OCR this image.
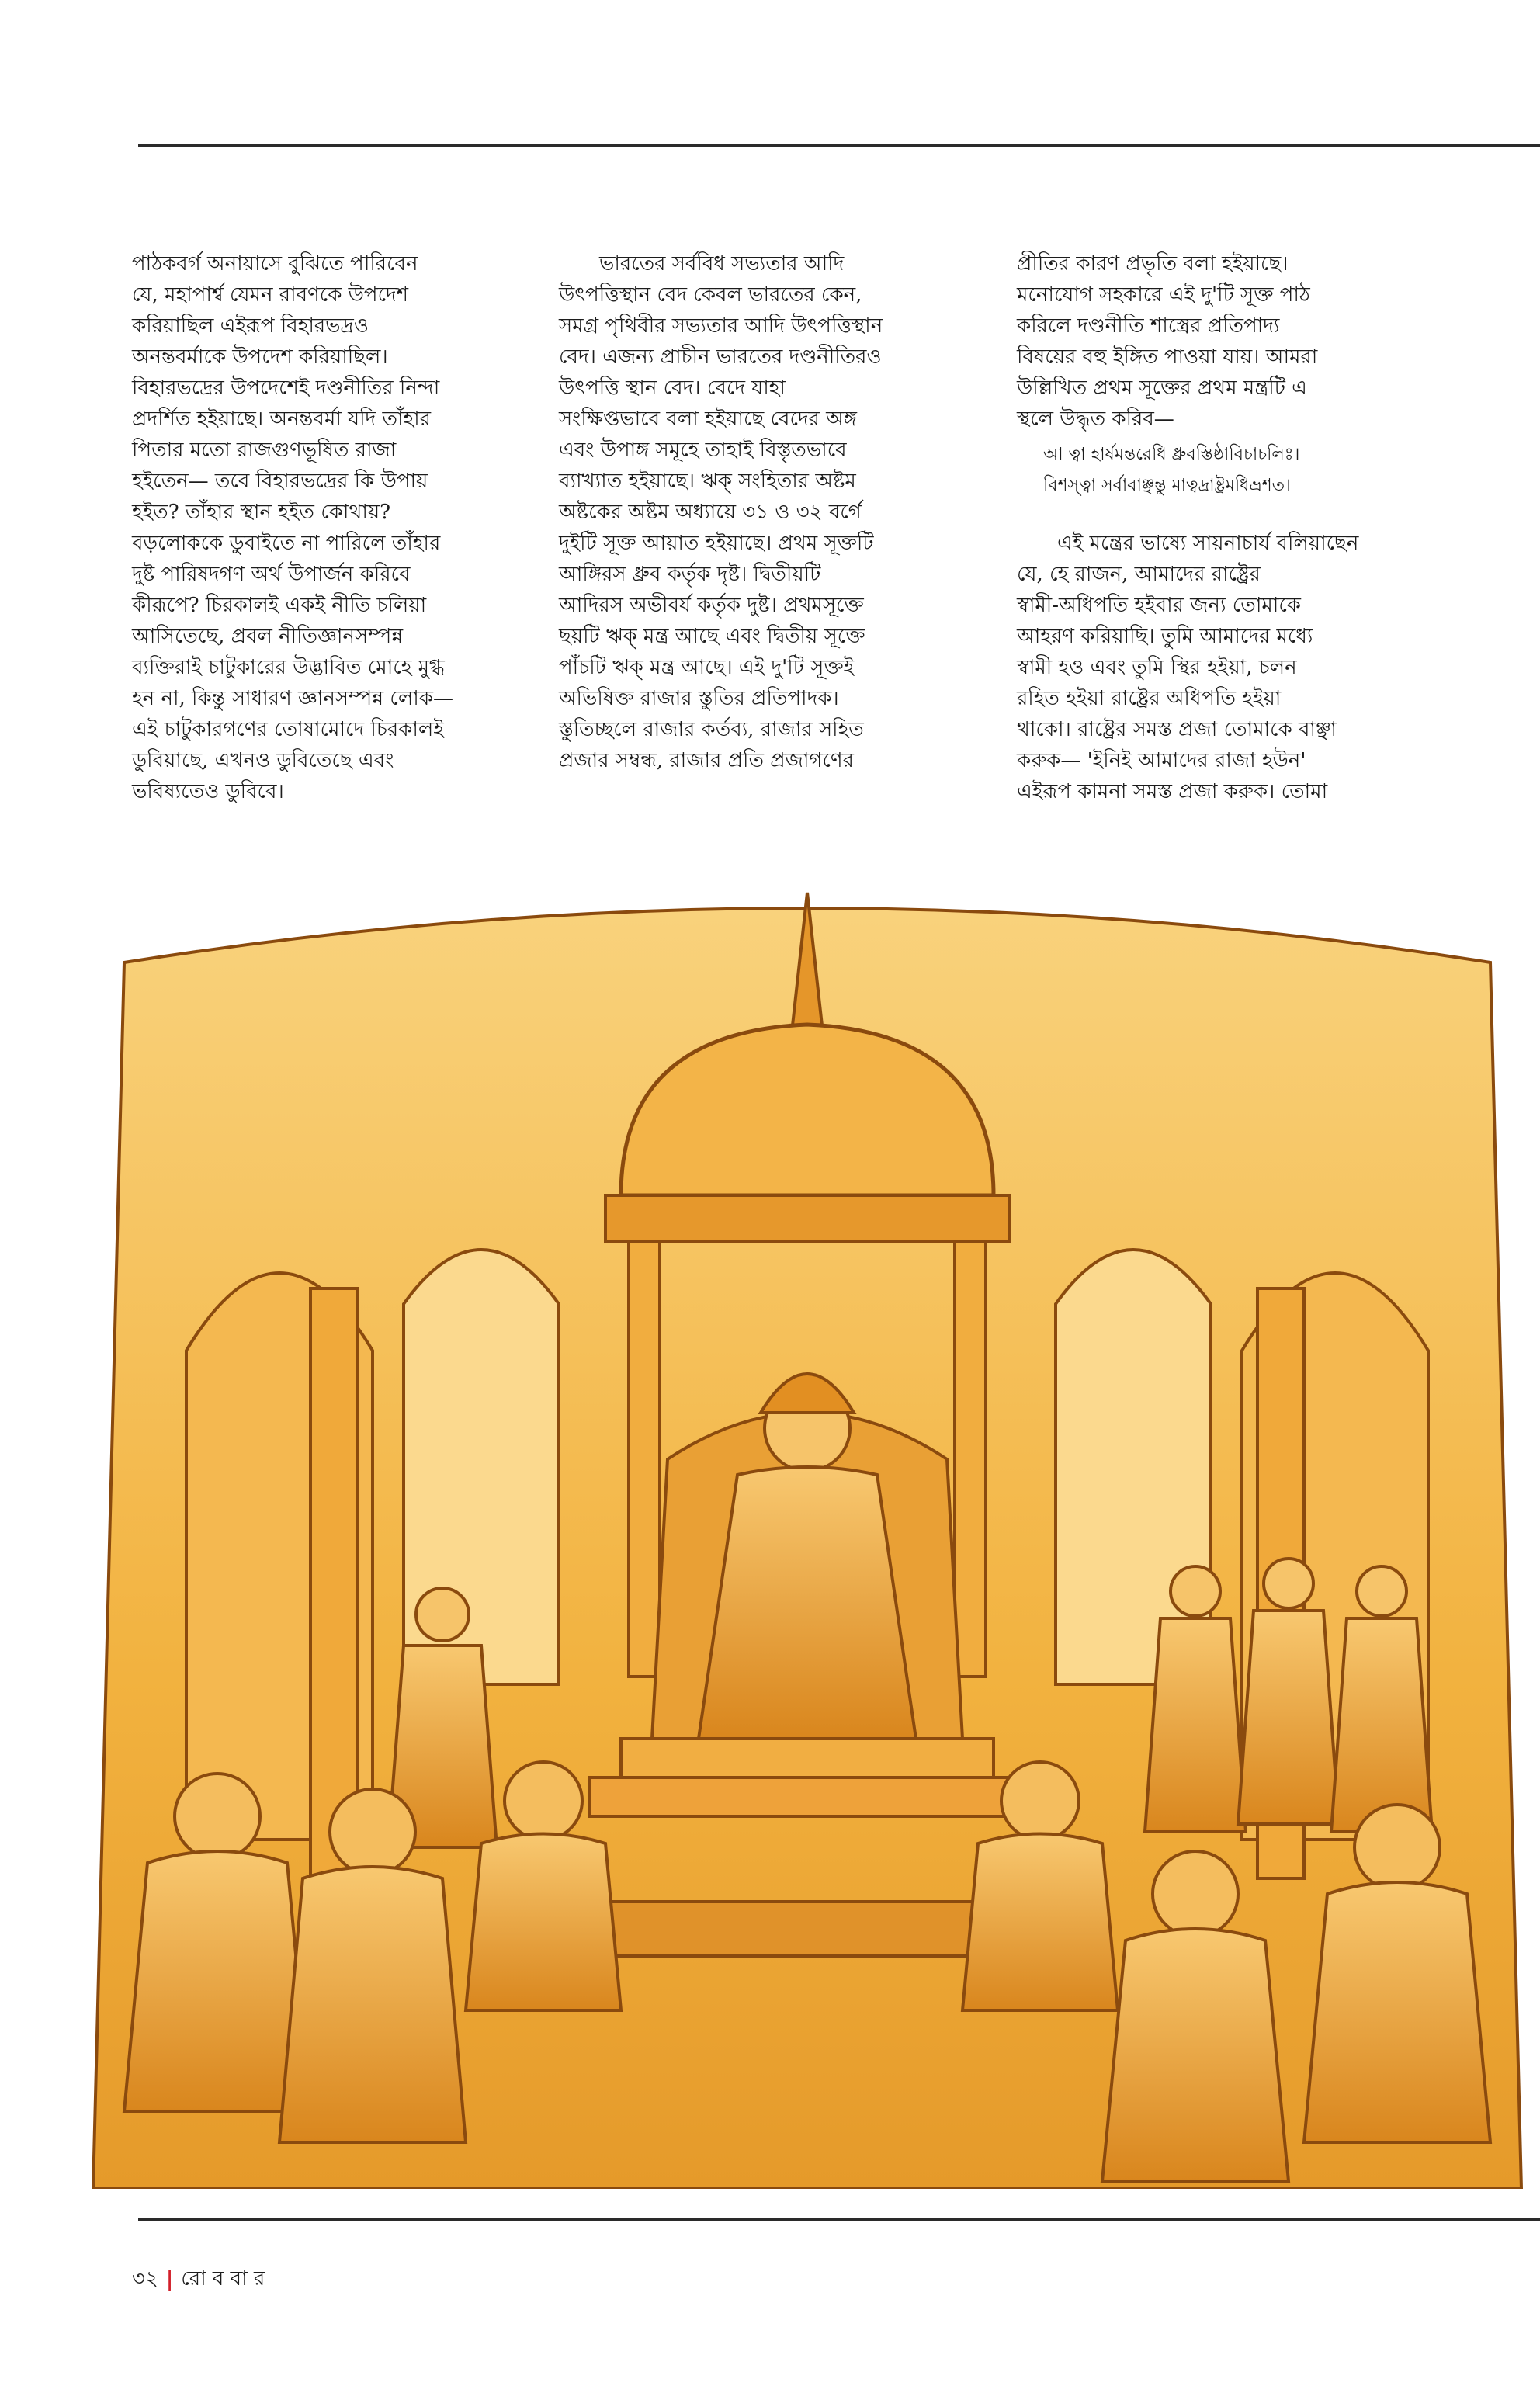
পাঠকবর্গ অনায়াসে বুঝিতে পারিবেন
যে, মহাপার্শ্ব যেমন রাবণকে উপদেশ
করিয়াছিল এইরূপ বিহারভদ্রও
অনন্তবর্মাকে উপদেশ করিয়াছিল।
বিহারভদ্রের উপদেশেই দণ্ডনীতির নিন্দা
প্রদর্শিত হইয়াছে। অনন্তবর্মা যদি তাঁহার
পিতার মতো রাজগুণভূষিত রাজা
হইতেন— তবে বিহারভদ্রের কি উপায়
হইত? তাঁহার স্থান হইত কোথায়?
বড়লোককে ডুবাইতে না পারিলে তাঁহার
দুষ্ট পারিষদগণ অর্থ উপার্জন করিবে
কীরূপে? চিরকালই একই নীতি চলিয়া
আসিতেছে, প্রবল নীতিজ্ঞানসম্পন্ন
ব্যক্তিরাই চাটুকারের উদ্ভাবিত মোহে মুগ্ধ
হন না, কিন্তু সাধারণ জ্ঞানসম্পন্ন লোক—
এই চাটুকারগণের তোষামোদে চিরকালই
ডুবিয়াছে, এখনও ডুবিতেছে এবং
ভবিষ্যতেও ডুবিবে।

ভারতের সর্ববিধ সভ্যতার আদি
উৎপত্তিস্থান বেদ কেবল ভারতের কেন,
সমগ্র পৃথিবীর সভ্যতার আদি উৎপত্তিস্থান
বেদ। এজন্য প্রাচীন ভারতের দণ্ডনীতিরও
উৎপত্তি স্থান বেদ। বেদে যাহা
সংক্ষিপ্তভাবে বলা হইয়াছে বেদের অঙ্গ
এবং উপাঙ্গ সমূহে তাহাই বিস্তৃতভাবে
ব্যাখ্যাত হইয়াছে। ঋক্ সংহিতার অষ্টম
অষ্টকের অষ্টম অধ্যায়ে ৩১ ও ৩২ বর্গে
দুইটি সূক্ত আয়াত হইয়াছে। প্রথম সূক্তটি
আঙ্গিরস ধ্রুব কর্তৃক দৃষ্ট। দ্বিতীয়টি
আদিরস অভীবর্য কর্তৃক দুষ্ট। প্রথমসূক্তে
ছয়টি ঋক্ মন্ত্র আছে এবং দ্বিতীয় সূক্তে
পাঁচটি ঋক্ মন্ত্র আছে। এই দু'টি সূক্তই
অভিষিক্ত রাজার স্তুতির প্রতিপাদক।
স্তুতিচ্ছলে রাজার কর্তব্য, রাজার সহিত
প্রজার সম্বন্ধ, রাজার প্রতি প্রজাগণের

প্রীতির কারণ প্রভৃতি বলা হইয়াছে।
মনোযোগ সহকারে এই দু'টি সূক্ত পাঠ
করিলে দণ্ডনীতি শাস্ত্রের প্রতিপাদ্য
বিষয়ের বহু ইঙ্গিত পাওয়া যায়। আমরা
উল্লিখিত প্রথম সূক্তের প্রথম মন্ত্রটি এ
স্থলে উদ্ধৃত করিব—

আ ত্বা হার্ষমন্তরেধি ধ্রুবস্তিষ্ঠাবিচাচলিঃ।
বিশস্ত্বা সর্বাবাঞ্ছন্তু মাত্বদ্রাষ্ট্রমধিভ্রশত।

এই মন্ত্রের ভাষ্যে সায়নাচার্য বলিয়াছেন
যে, হে রাজন, আমাদের রাষ্ট্রের
স্বামী-অধিপতি হইবার জন্য তোমাকে
আহরণ করিয়াছি। তুমি আমাদের মধ্যে
স্বামী হও এবং তুমি স্থির হইয়া, চলন
রহিত হইয়া রাষ্ট্রের অধিপতি হইয়া
থাকো। রাষ্ট্রের সমস্ত প্রজা তোমাকে বাঞ্ছা
করুক— 'ইনিই আমাদের রাজা হউন'
এইরূপ কামনা সমস্ত প্রজা করুক। তোমা

৩২ | রো ব বা র
